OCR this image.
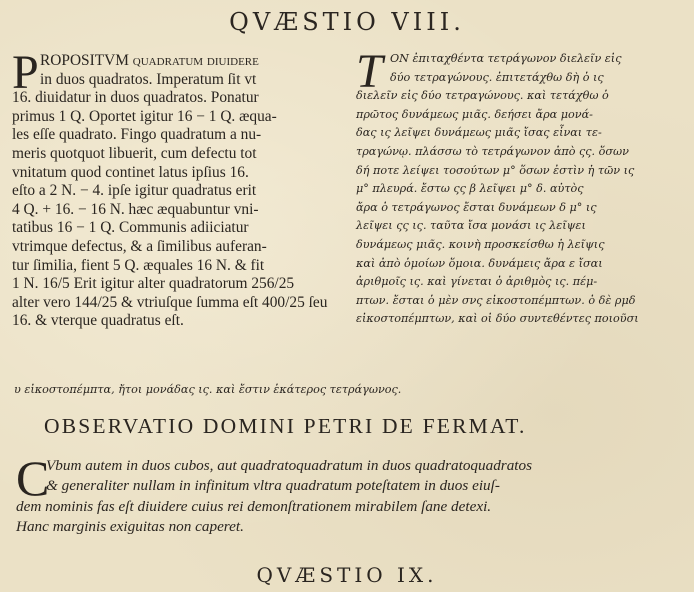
QVÆSTIO VIII.
P ROPOSITVM quadratum diuidere
in duos quadratos. Imperatum ſit vt
16. diuidatur in duos quadratos. Ponatur
primus 1 Q. Oportet igitur 16 − 1 Q. æqua-
les eſſe quadrato. Fingo quadratum a nu-
meris quotquot libuerit, cum defectu tot
vnitatum quod continet latus ipſius 16.
eſto a 2 N. − 4. ipſe igitur quadratus erit
4 Q. + 16. − 16 N. hæc æquabuntur vni-
tatibus 16 − 1 Q. Communis adiiciatur
vtrimque defectus, & a ſimilibus auferan-
tur ſimilia, fient 5 Q. æquales 16 N. & fit
1 N. 16/5 Erit igitur alter quadratorum 256/25
alter vero 144/25 & vtriuſque ſumma eſt 400/25 ſeu
16. & vterque quadratus eſt.
T ON ἐπιταχθέντα τετράγωνον διελεῖν εἰς
δύο τετραγώνους. ἐπιτετάχθω δὴ ὁ ις
διελεῖν εἰς δύο τετραγώνους. καὶ τετάχθω ὁ
πρῶτος δυνάμεως μιᾶς. δεήσει ἄρα μονά-
δας ις λεῖψει δυνάμεως μιᾶς ἴσας εἶναι τε-
τραγώνῳ. πλάσσω τὸ τετράγωνον ἀπὸ ςς. ὅσων
δή ποτε λείψει τοσούτων μ° ὅσων ἐστὶν ἡ τῶν ις
μ° πλευρά. ἔστω ςς β λεῖψει μ° δ. αὐτὸς
ἄρα ὁ τετράγωνος ἔσται δυνάμεων δ μ° ις
λεῖψει ςς ις. ταῦτα ἴσα μονάσι ις λεῖψει
δυνάμεως μιᾶς. κοινὴ προσκείσθω ἡ λεῖψις
καὶ ἀπὸ ὁμοίων ὅμοια. δυνάμεις ἄρα ε ἴσαι
ἀριθμοῖς ις. καὶ γίνεται ὁ ἀριθμὸς ις. πέμ-
πτων. ἔσται ὁ μὲν σνς εἰκοστοπέμπτων. ὁ δὲ ρμδ
εἰκοστοπέμπτων, καὶ οἱ δύο συντεθέντες ποιοῦσι
υ εἰκοστοπέμπτα, ἤτοι μονάδας ις. καὶ ἔστιν ἑκάτερος τετράγωνος.
OBSERVATIO DOMINI PETRI DE FERMAT.
C
Vbum autem in duos cubos, aut quadratoquadratum in duos quadratoquadratos
& generaliter nullam in infinitum vltra quadratum poteſtatem in duos eiuſ-
dem nominis fas eſt diuidere cuius rei demonſtrationem mirabilem ſane detexi.
Hanc marginis exiguitas non caperet.
QVÆSTIO IX.
